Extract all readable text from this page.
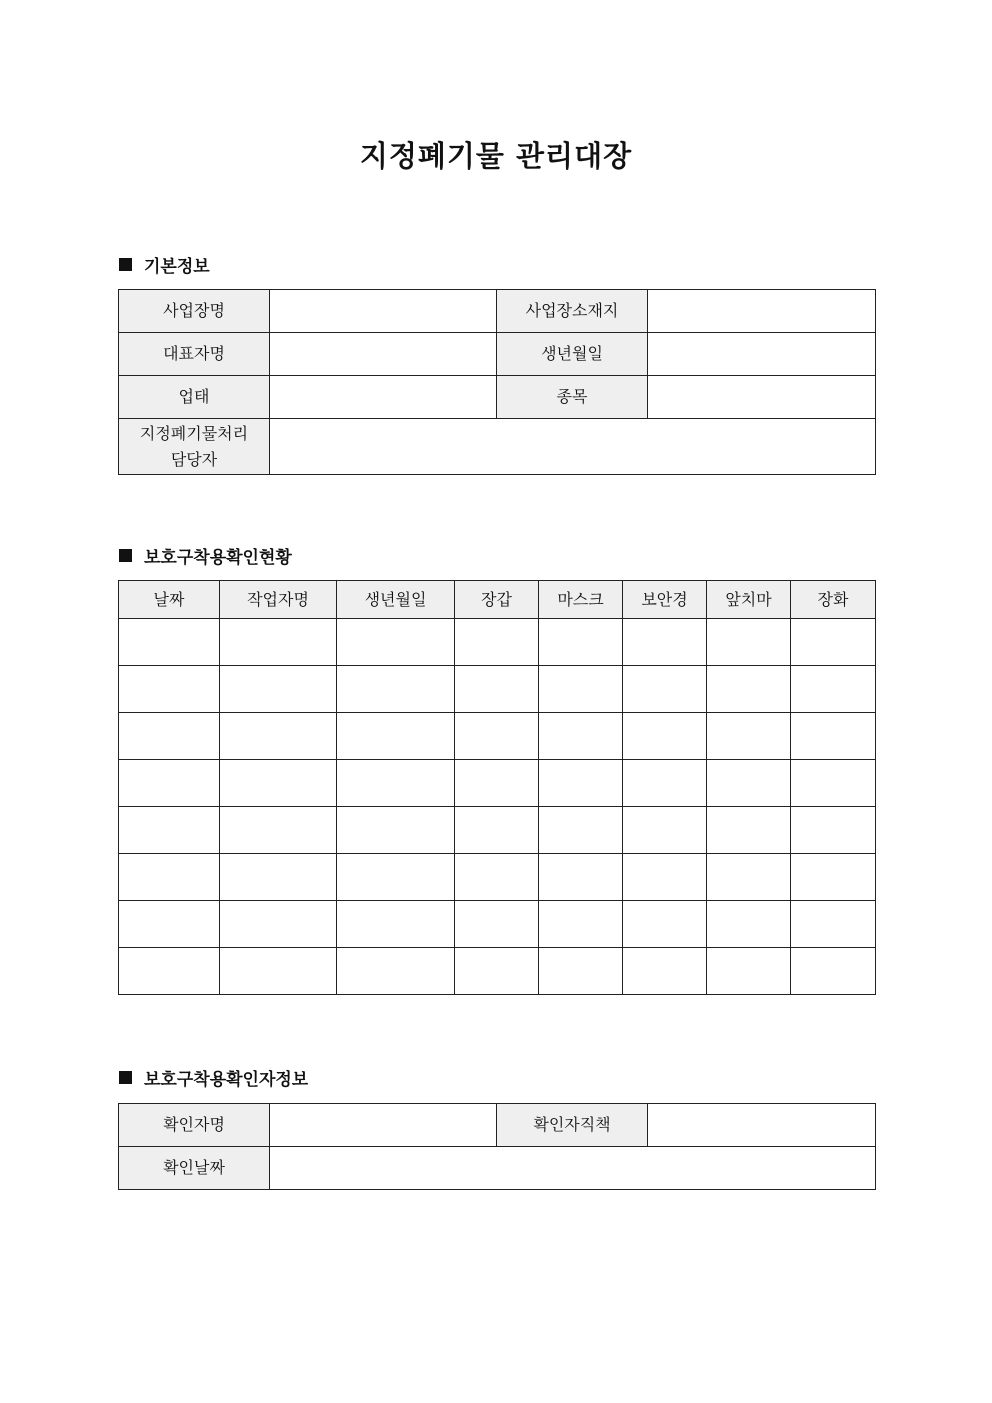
지정폐기물 관리대장
기본정보
사업장명		사업장소재지	
대표자명		생년월일	
업태		종목	

지정폐기물처리
담당자			

보호구착용확인현황
날짜	작업자명	생년월일	장갑	마스크	보안경	앞치마	장화

보호구착용확인자정보
확인자명		확인자직책	
확인날짜			
